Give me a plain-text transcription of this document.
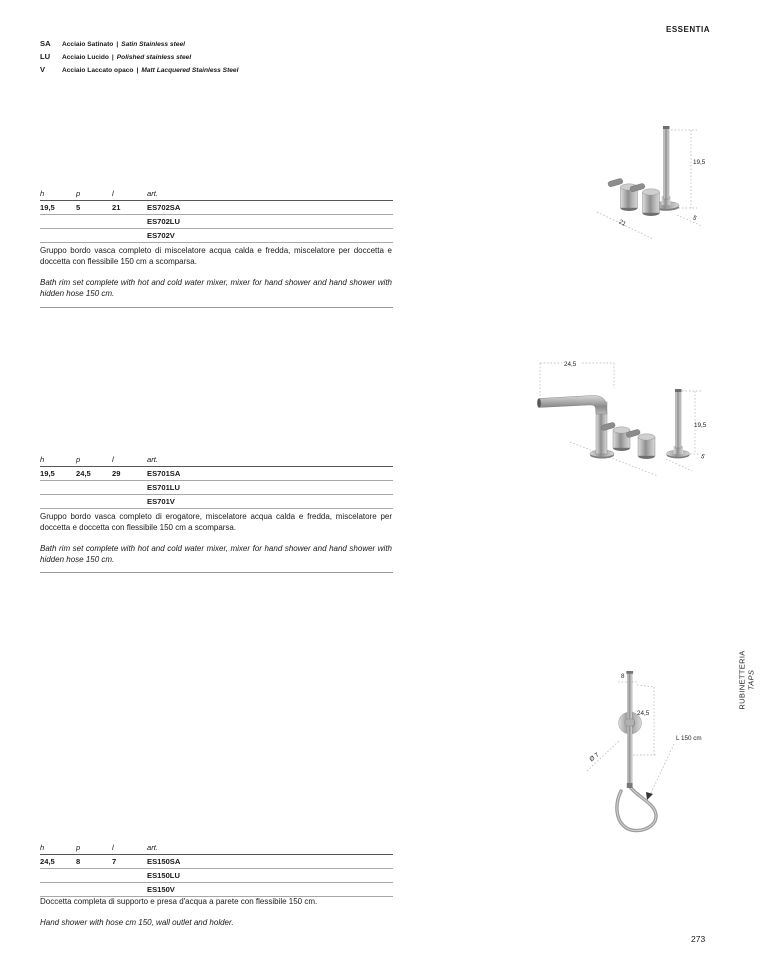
ESSENTIA
SA	Acciaio Satinato | Satin Stainless steel
LU	Acciaio Lucido | Polished stainless steel
V	Acciaio Laccato opaco | Matt Lacquered Stainless Steel
19,5
21
5
h	p	l	art.
19,5	5	21	ES702SA
ES702LU
ES702V
Gruppo bordo vasca completo di miscelatore acqua calda e fredda, miscelatore per doccetta e doccetta con flessibile 150 cm a scomparsa.
Bath rim set complete with hot and cold water mixer, mixer for hand shower and hand shower with hidden hose 150 cm.
24,5
19,5
5
h	p	l	art.
19,5	24,5	29	ES701SA
ES701LU
ES701V
Gruppo bordo vasca completo di erogatore, miscelatore acqua calda e fredda, miscelatore per doccetta e doccetta con flessibile 150 cm a scomparsa.
Bath rim set complete with hot and cold water mixer, mixer for hand shower and hand shower with hidden hose 150 cm.
8
24,5
Ø 7
L 150 cm
RUBINETTERIA TAPS
h	p	l	art.
24,5	8	7	ES150SA
ES150LU
ES150V
Doccetta completa di supporto e presa d'acqua a parete con flessibile 150 cm.
Hand shower with hose cm 150, wall outlet and holder.
273
